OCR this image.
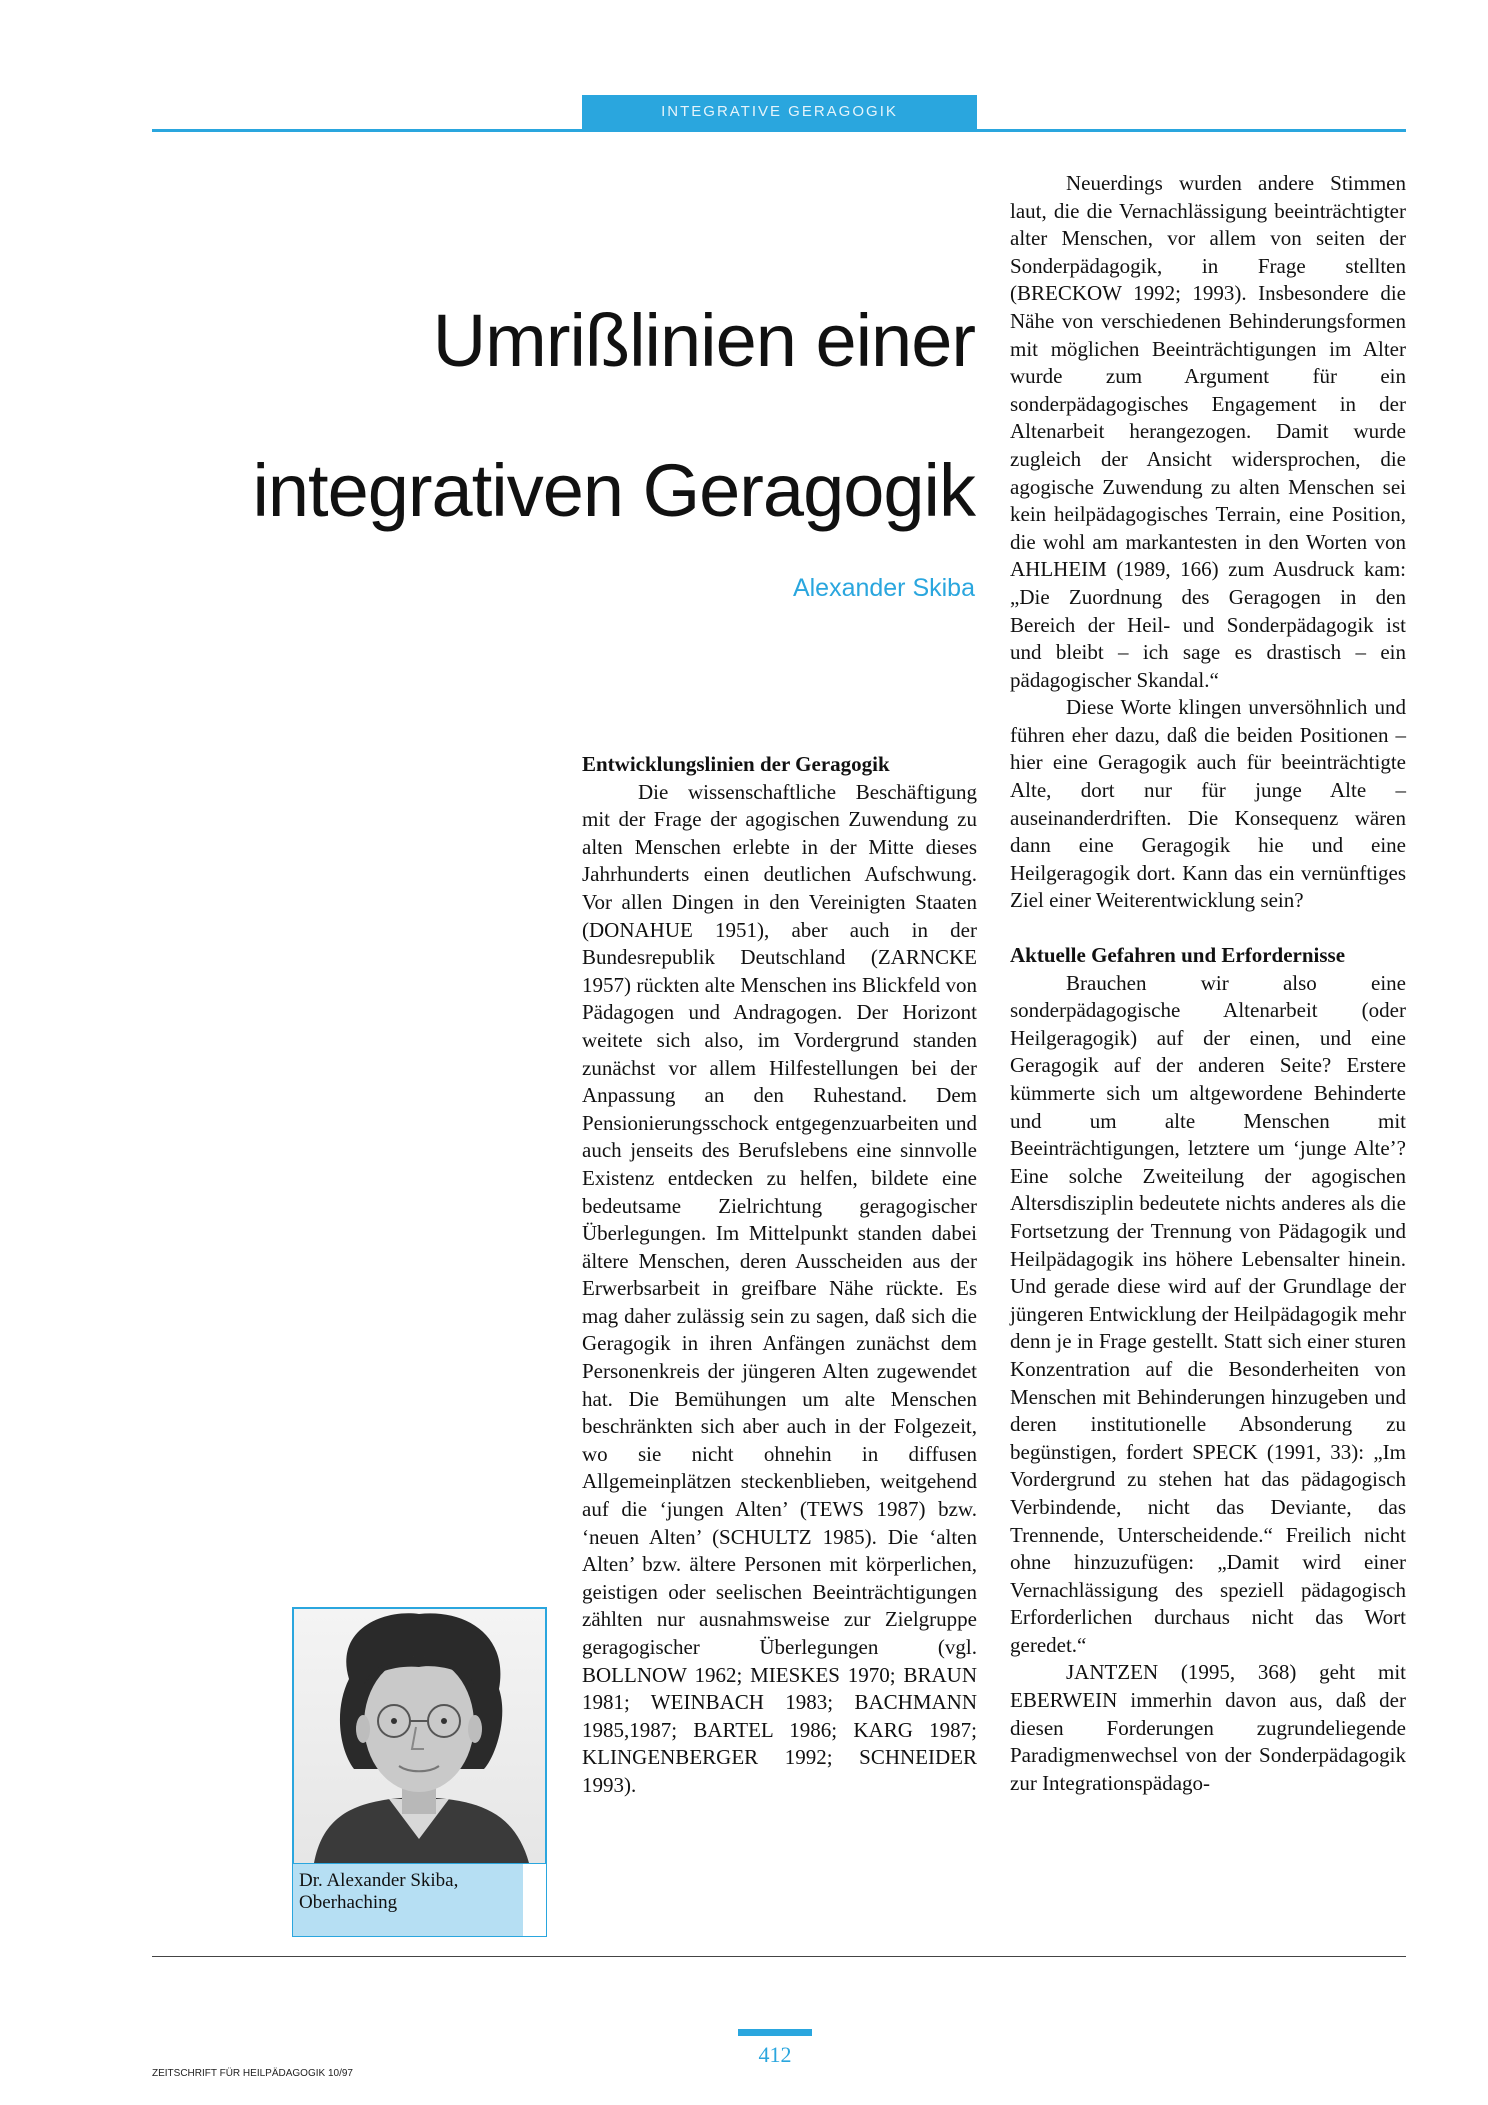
INTEGRATIVE GERAGOGIK
Umrißlinien einer
integrativen Geragogik
Alexander Skiba
Entwicklungslinien der Geragogik

Die wissenschaftliche Beschäftigung mit der Frage der agogischen Zuwendung zu alten Menschen erlebte in der Mitte dieses Jahrhunderts einen deutlichen Aufschwung. Vor allen Dingen in den Vereinigten Staaten (DONAHUE 1951), aber auch in der Bundesrepublik Deutschland (ZARNCKE 1957) rückten alte Menschen ins Blickfeld von Pädagogen und Andragogen. Der Horizont weitete sich also, im Vordergrund standen zunächst vor allem Hilfestellungen bei der Anpassung an den Ruhestand. Dem Pensionierungsschock entgegenzuarbeiten und auch jenseits des Berufslebens eine sinnvolle Existenz entdecken zu helfen, bildete eine bedeutsame Zielrichtung geragogischer Überlegungen. Im Mittelpunkt standen dabei ältere Menschen, deren Ausscheiden aus der Erwerbsarbeit in greifbare Nähe rückte. Es mag daher zulässig sein zu sagen, daß sich die Geragogik in ihren Anfängen zunächst dem Personenkreis der jüngeren Alten zugewendet hat. Die Bemühungen um alte Menschen beschränkten sich aber auch in der Folgezeit, wo sie nicht ohnehin in diffusen Allgemeinplätzen steckenblieben, weitgehend auf die ‘jungen Alten’ (TEWS 1987) bzw. ‘neuen Alten’ (SCHULTZ 1985). Die ‘alten Alten’ bzw. ältere Personen mit körperlichen, geistigen oder seelischen Beeinträchtigungen zählten nur ausnahmsweise zur Zielgruppe geragogischer Überlegungen (vgl. BOLLNOW 1962; MIESKES 1970; BRAUN 1981; WEINBACH 1983; BACHMANN 1985,1987; BARTEL 1986; KARG 1987; KLINGENBERGER 1992; SCHNEIDER 1993).

Neuerdings wurden andere Stimmen laut, die die Vernachlässigung beeinträchtigter alter Menschen, vor allem von seiten der Sonderpädagogik, in Frage stellten (BRECKOW 1992; 1993). Insbesondere die Nähe von verschiedenen Behinderungsformen mit möglichen Beeinträchtigungen im Alter wurde zum Argument für ein sonderpädagogisches Engagement in der Altenarbeit herangezogen. Damit wurde zugleich der Ansicht widersprochen, die agogische Zuwendung zu alten Menschen sei kein heilpädagogisches Terrain, eine Position, die wohl am markantesten in den Worten von AHLHEIM (1989, 166) zum Ausdruck kam: „Die Zuordnung des Geragogen in den Bereich der Heil- und Sonderpädagogik ist und bleibt – ich sage es drastisch – ein pädagogischer Skandal.“

Diese Worte klingen unversöhnlich und führen eher dazu, daß die beiden Positionen – hier eine Geragogik auch für beeinträchtigte Alte, dort nur für junge Alte – auseinanderdriften. Die Konsequenz wären dann eine Geragogik hie und eine Heilgeragogik dort. Kann das ein vernünftiges Ziel einer Weiterentwicklung sein?

Aktuelle Gefahren und Erfordernisse

Brauchen wir also eine sonderpädagogische Altenarbeit (oder Heilgeragogik) auf der einen, und eine Geragogik auf der anderen Seite? Erstere kümmerte sich um altgewordene Behinderte und um alte Menschen mit Beeinträchtigungen, letztere um ‘junge Alte’? Eine solche Zweiteilung der agogischen Altersdisziplin bedeutete nichts anderes als die Fortsetzung der Trennung von Pädagogik und Heilpädagogik ins höhere Lebensalter hinein. Und gerade diese wird auf der Grundlage der jüngeren Entwicklung der Heilpädagogik mehr denn je in Frage gestellt. Statt sich einer sturen Konzentration auf die Besonderheiten von Menschen mit Behinderungen hinzugeben und deren institutionelle Absonderung zu begünstigen, fordert SPECK (1991, 33): „Im Vordergrund zu stehen hat das pädagogisch Verbindende, nicht das Deviante, das Trennende, Unterscheidende.“ Freilich nicht ohne hinzuzufügen: „Damit wird einer Vernachlässigung des speziell pädagogisch Erforderlichen durchaus nicht das Wort geredet.“

JANTZEN (1995, 368) geht mit EBERWEIN immerhin davon aus, daß der diesen Forderungen zugrundeliegende Paradigmenwechsel von der Sonderpädagogik zur Integrationspädago-

Dr. Alexander Skiba,
Oberhaching
ZEITSCHRIFT FÜR HEILPÄDAGOGIK 10/97
412
